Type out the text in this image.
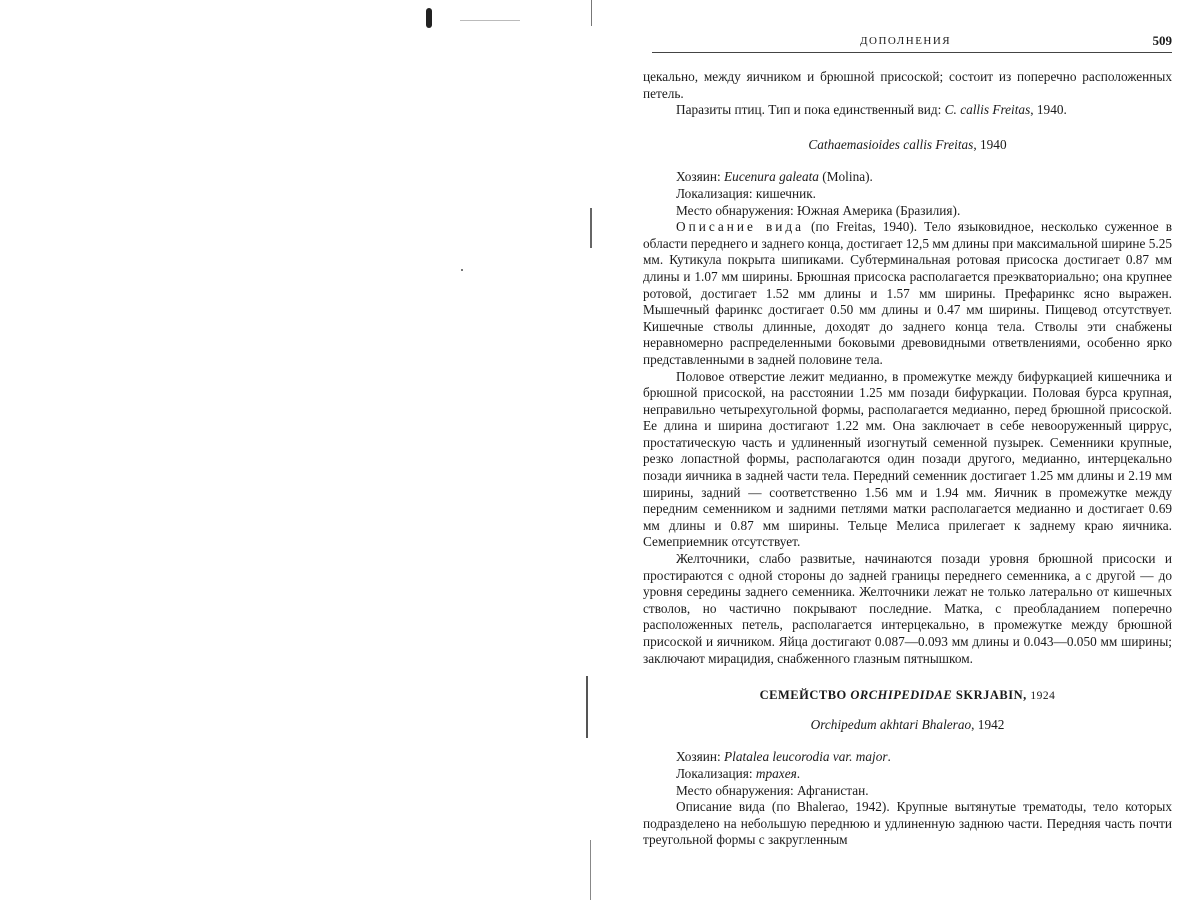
ДОПОЛНЕНИЯ	509

цекально, между яичником и брюшной присоской; состоит из поперечно расположенных петель.

Паразиты птиц. Тип и пока единственный вид: C. callis Freitas, 1940.

Cathaemasioides callis Freitas, 1940

Хозяин: Eucenura galeata (Molina).

Локализация: кишечник.

Место обнаружения: Южная Америка (Бразилия).

Описание вида (по Freitas, 1940). Тело языковидное, несколько суженное в области переднего и заднего конца, достигает 12,5 мм длины при максимальной ширине 5.25 мм. Кутикула покрыта шипиками. Субтерминальная ротовая присоска достигает 0.87 мм длины и 1.07 мм ширины. Брюшная присоска располагается преэкваториально; она крупнее ротовой, достигает 1.52 мм длины и 1.57 мм ширины. Префаринкс ясно выражен. Мышечный фаринкс достигает 0.50 мм длины и 0.47 мм ширины. Пищевод отсутствует. Кишечные стволы длинные, доходят до заднего конца тела. Стволы эти снабжены неравномерно распределенными боковыми древовидными ответвлениями, особенно ярко представленными в задней половине тела.

Половое отверстие лежит медианно, в промежутке между бифуркацией кишечника и брюшной присоской, на расстоянии 1.25 мм позади бифуркации. Половая бурса крупная, неправильно четырехугольной формы, располагается медианно, перед брюшной присоской. Ее длина и ширина достигают 1.22 мм. Она заключает в себе невооруженный циррус, простатическую часть и удлиненный изогнутый семенной пузырек. Семенники крупные, резко лопастной формы, располагаются один позади другого, медианно, интерцекально позади яичника в задней части тела. Передний семенник достигает 1.25 мм длины и 2.19 мм ширины, задний — соответственно 1.56 мм и 1.94 мм. Яичник в промежутке между передним семенником и задними петлями матки располагается медианно и достигает 0.69 мм длины и 0.87 мм ширины. Тельце Мелиса прилегает к заднему краю яичника. Семеприемник отсутствует.

Желточники, слабо развитые, начинаются позади уровня брюшной присоски и простираются с одной стороны до задней границы переднего семенника, а с другой — до уровня середины заднего семенника. Желточники лежат не только латерально от кишечных стволов, но частично покрывают последние. Матка, с преобладанием поперечно расположенных петель, располагается интерцекально, в промежутке между брюшной присоской и яичником. Яйца достигают 0.087—0.093 мм длины и 0.043—0.050 мм ширины; заключают мирацидия, снабженного глазным пятнышком.

СЕМЕЙСТВО ORCHIPEDIDAE SKRJABIN, 1924

Orchipedum akhtari Bhalerao, 1942

Хозяин: Platalea leucorodia var. major.

Локализация: трахея.

Место обнаружения: Афганистан.

Описание вида (по Bhalerao, 1942). Крупные вытянутые трематоды, тело которых подразделено на небольшую переднюю и удлиненную заднюю части. Передняя часть почти треугольной формы с закругленным
